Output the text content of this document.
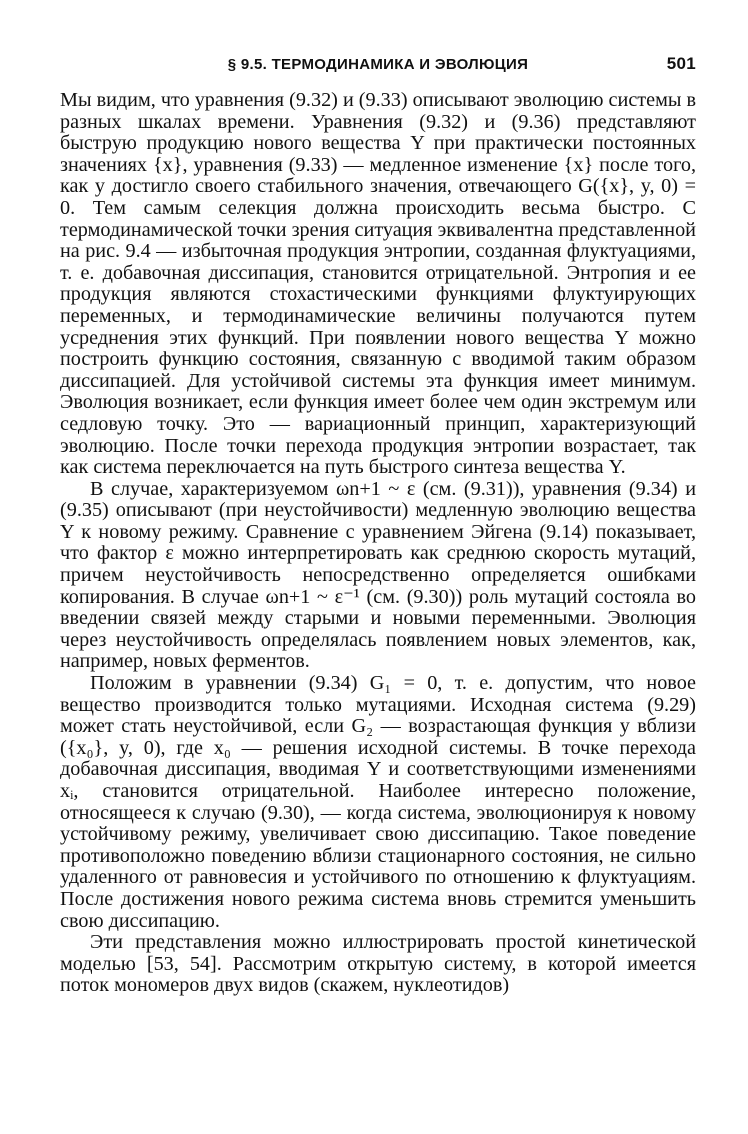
§ 9.5. ТЕРМОДИНАМИКА И ЭВОЛЮЦИЯ	501

Мы видим, что уравнения (9.32) и (9.33) описывают эволюцию системы в разных шкалах времени. Уравнения (9.32) и (9.36) представляют быструю продукцию нового вещества Y при практически постоянных значениях {x}, уравнения (9.33) — медленное изменение {x} после того, как y достигло своего стабильного значения, отвечающего G({x}, y, 0) = 0. Тем самым селекция должна происходить весьма быстро. С термодинамической точки зрения ситуация эквивалентна представленной на рис. 9.4 — избыточная продукция энтропии, созданная флуктуациями, т. е. добавочная диссипация, становится отрицательной. Энтропия и ее продукция являются стохастическими функциями флуктуирующих переменных, и термодинамические величины получаются путем усреднения этих функций. При появлении нового вещества Y можно построить функцию состояния, связанную с вводимой таким образом диссипацией. Для устойчивой системы эта функция имеет минимум. Эволюция возникает, если функция имеет более чем один экстремум или седловую точку. Это — вариационный принцип, характеризующий эволюцию. После точки перехода продукция энтропии возрастает, так как система переключается на путь быстрого синтеза вещества Y.

В случае, характеризуемом ωn+1 ~ ε (см. (9.31)), уравнения (9.34) и (9.35) описывают (при неустойчивости) медленную эволюцию вещества Y к новому режиму. Сравнение с уравнением Эйгена (9.14) показывает, что фактор ε можно интерпретировать как среднюю скорость мутаций, причем неустойчивость непосредственно определяется ошибками копирования. В случае ωn+1 ~ ε⁻¹ (см. (9.30)) роль мутаций состояла во введении связей между старыми и новыми переменными. Эволюция через неустойчивость определялась появлением новых элементов, как, например, новых ферментов.

Положим в уравнении (9.34) G₁ = 0, т. е. допустим, что новое вещество производится только мутациями. Исходная система (9.29) может стать неустойчивой, если G₂ — возрастающая функция y вблизи ({x₀}, y, 0), где x₀ — решения исходной системы. В точке перехода добавочная диссипация, вводимая Y и соответствующими изменениями xᵢ, становится отрицательной. Наиболее интересно положение, относящееся к случаю (9.30), — когда система, эволюционируя к новому устойчивому режиму, увеличивает свою диссипацию. Такое поведение противоположно поведению вблизи стационарного состояния, не сильно удаленного от равновесия и устойчивого по отношению к флуктуациям. После достижения нового режима система вновь стремится уменьшить свою диссипацию.

Эти представления можно иллюстрировать простой кинетической моделью [53, 54]. Рассмотрим открытую систему, в которой имеется поток мономеров двух видов (скажем, нуклеотидов)
